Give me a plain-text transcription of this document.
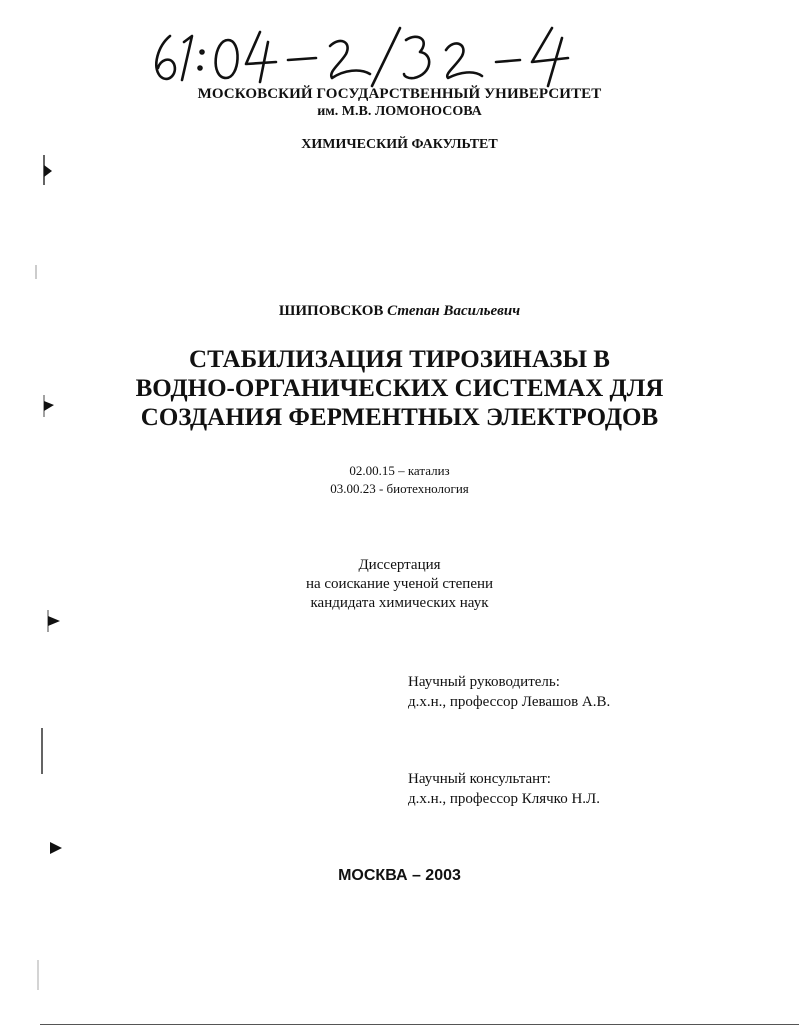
МОСКОВСКИЙ ГОСУДАРСТВЕННЫЙ УНИВЕРСИТЕТ
им. М.В. ЛОМОНОСОВА
ХИМИЧЕСКИЙ ФАКУЛЬТЕТ
ШИПОВСКОВ Степан Васильевич
СТАБИЛИЗАЦИЯ ТИРОЗИНАЗЫ В
ВОДНО-ОРГАНИЧЕСКИХ СИСТЕМАХ ДЛЯ
СОЗДАНИЯ ФЕРМЕНТНЫХ ЭЛЕКТРОДОВ
02.00.15 – катализ
03.00.23 - биотехнология
Диссертация
на соискание ученой степени
кандидата химических наук
Научный руководитель:
д.х.н., профессор Левашов А.В.
Научный консультант:
д.х.н., профессор Клячко Н.Л.
МОСКВА – 2003
